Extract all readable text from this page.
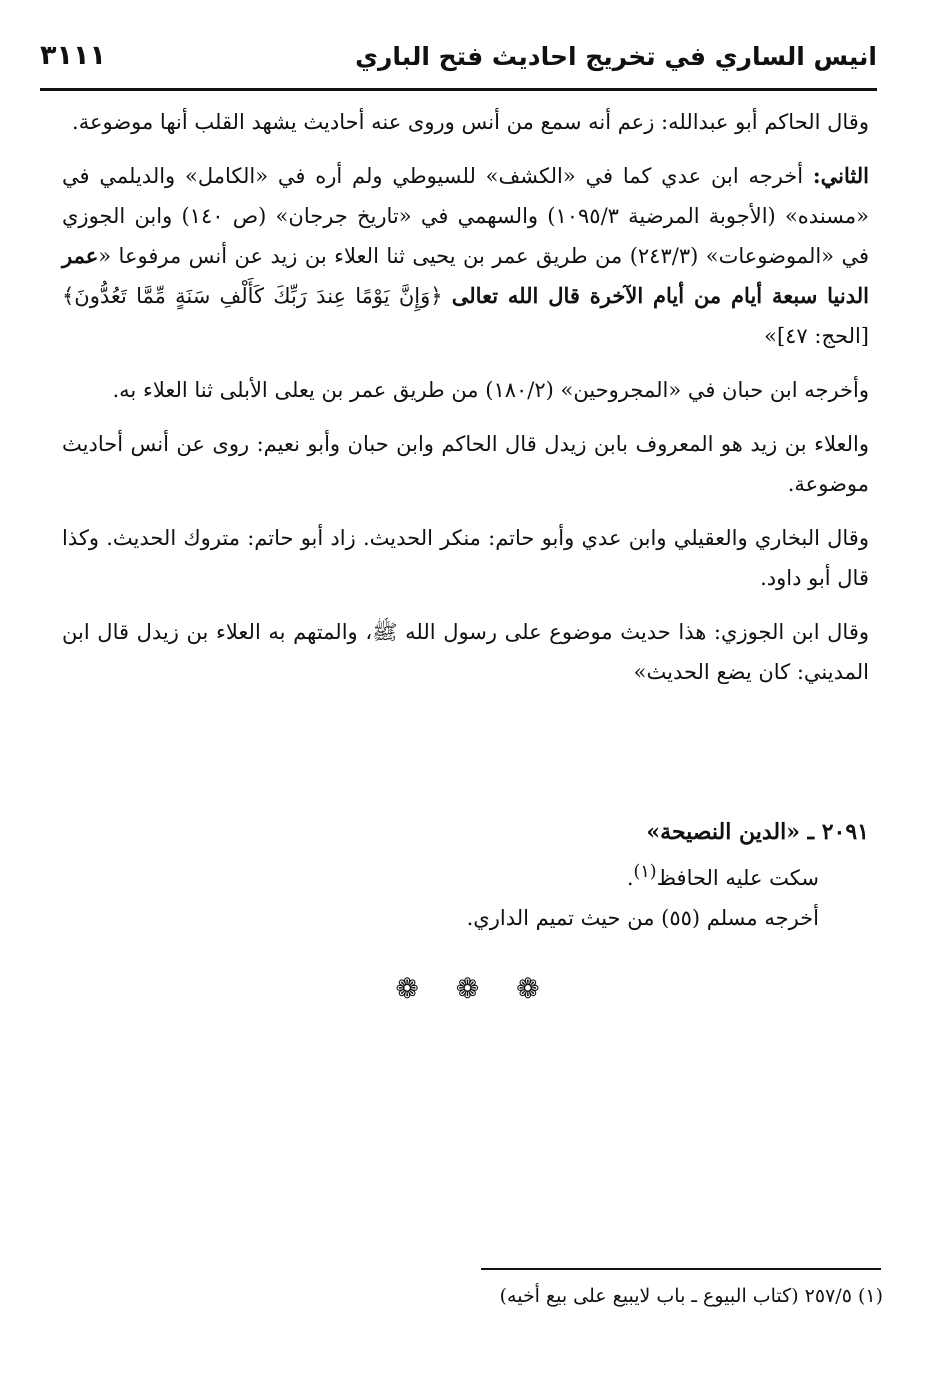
انيس الساري في تخريج احاديث فتح الباري
٣١١١

وقال الحاكم أبو عبدالله: زعم أنه سمع من أنس وروى عنه أحاديث يشهد القلب أنها موضوعة.

الثاني: أخرجه ابن عدي كما في «الكشف» للسيوطي ولم أره في «الكامل» والديلمي في «مسنده» (الأجوبة المرضية ١٠٩٥/٣) والسهمي في «تاريخ جرجان» (ص ١٤٠) وابن الجوزي في «الموضوعات» (٢٤٣/٣) من طريق عمر بن يحيى ثنا العلاء بن زيد عن أنس مرفوعا «عمر الدنيا سبعة أيام من أيام الآخرة قال الله تعالى ﴿وَإِنَّ يَوْمًا عِندَ رَبِّكَ كَأَلْفِ سَنَةٍ مِّمَّا تَعُدُّونَ﴾ [الحج: ٤٧]»

وأخرجه ابن حبان في «المجروحين» (١٨٠/٢) من طريق عمر بن يعلى الأبلى ثنا العلاء به.

والعلاء بن زيد هو المعروف بابن زيدل قال الحاكم وابن حبان وأبو نعيم: روى عن أنس أحاديث موضوعة.

وقال البخاري والعقيلي وابن عدي وأبو حاتم: منكر الحديث. زاد أبو حاتم: متروك الحديث. وكذا قال أبو داود.

وقال ابن الجوزي: هذا حديث موضوع على رسول الله ﷺ، والمتهم به العلاء بن زيدل قال ابن المديني: كان يضع الحديث»

٢٠٩١ ـ «الدين النصيحة»

سكت عليه الحافظ$^{(١)}$.

أخرجه مسلم (٥٥) من حيث تميم الداري.

❁ ❁ ❁
(١) ٢٥٧/٥ (كتاب البيوع ـ باب لايبيع على بيع أخيه)
